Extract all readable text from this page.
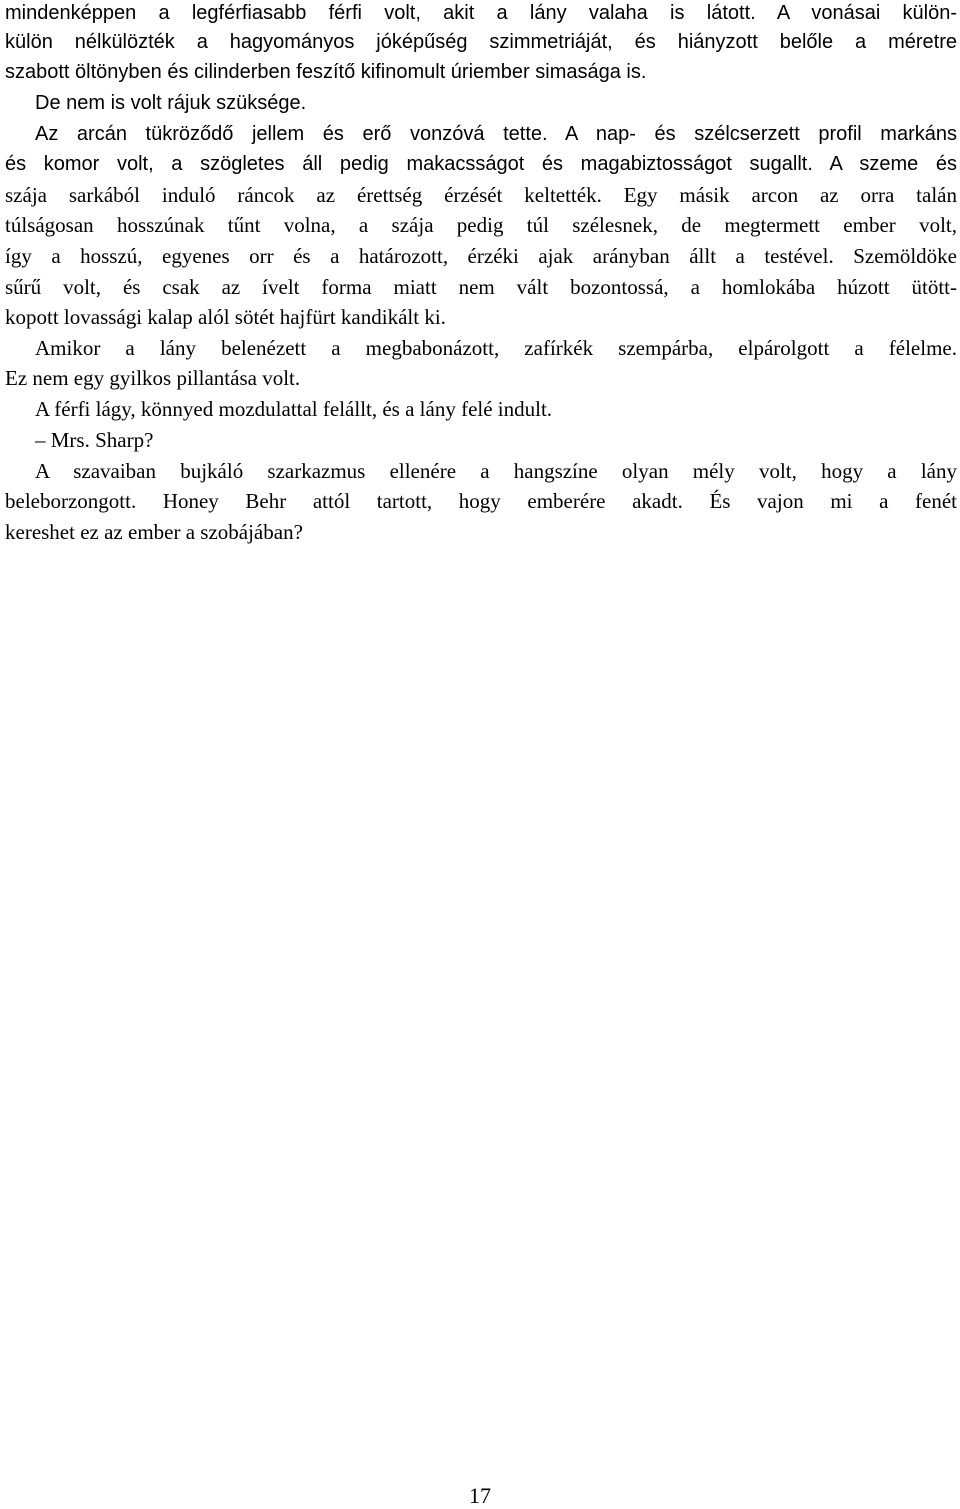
mindenképpen a legférfiasabb férfi volt, akit a lány valaha is látott. A vonásai külön-
külön nélkülözték a hagyományos jóképűség szimmetriáját, és hiányzott belőle a méretre
szabott öltönyben és cilinderben feszítő kifinomult úriember simasága is.
De nem is volt rájuk szüksége.
Az arcán tükröződő jellem és erő vonzóvá tette. A nap- és szélcserzett profil markáns
és komor volt, a szögletes áll pedig makacsságot és magabiztosságot sugallt. A szeme és
szája sarkából induló ráncok az érettség érzését keltették. Egy másik arcon az orra talán
túlságosan hosszúnak tűnt volna, a szája pedig túl szélesnek, de megtermett ember volt,
így a hosszú, egyenes orr és a határozott, érzéki ajak arányban állt a testével. Szemöldöke
sűrű volt, és csak az ívelt forma miatt nem vált bozontossá, a homlokába húzott ütött-
kopott lovassági kalap alól sötét hajfürt kandikált ki.
Amikor a lány belenézett a megbabonázott, zafírkék szempárba, elpárolgott a félelme.
Ez nem egy gyilkos pillantása volt.
A férfi lágy, könnyed mozdulattal felállt, és a lány felé indult.
– Mrs. Sharp?
A szavaiban bujkáló szarkazmus ellenére a hangszíne olyan mély volt, hogy a lány
beleborzongott. Honey Behr attól tartott, hogy emberére akadt. És vajon mi a fenét
kereshet ez az ember a szobájában?
17
